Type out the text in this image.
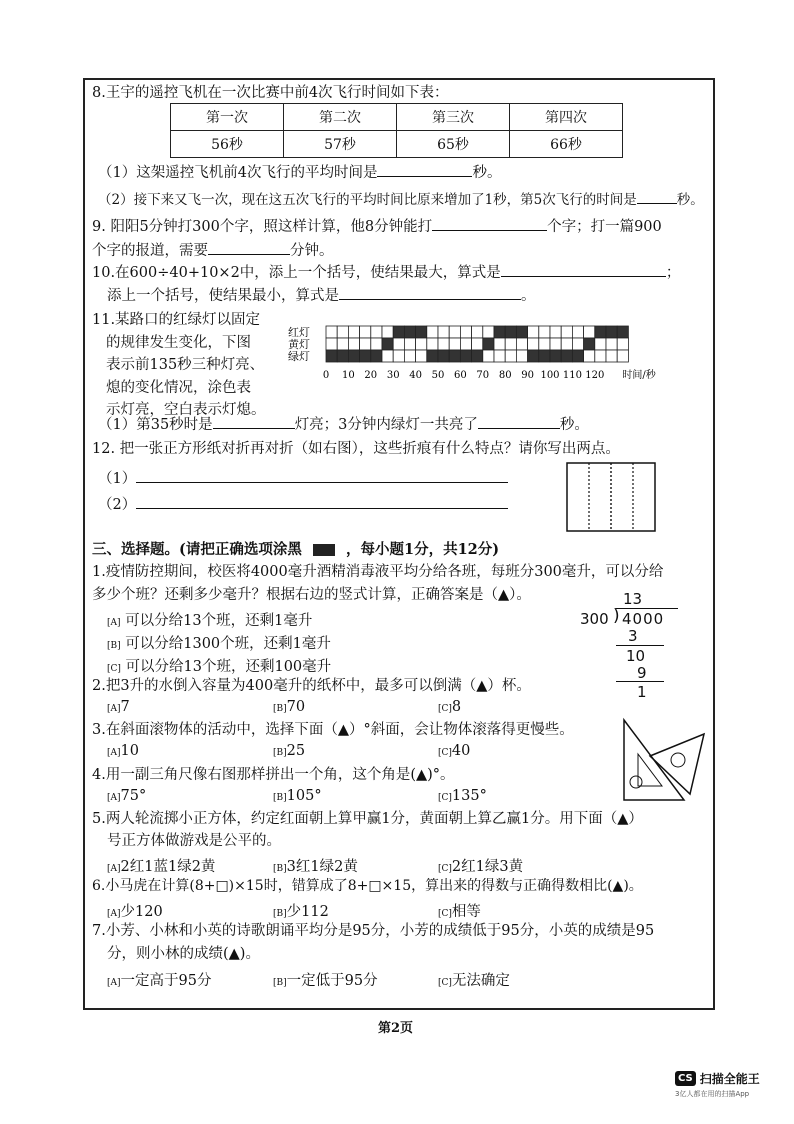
8.王宇的遥控飞机在一次比赛中前4次飞行时间如下表：
第一次	第二次	第三次	第四次
56秒	57秒	65秒	66秒
（1）这架遥控飞机前4次飞行的平均时间是	秒。
（2）接下来又飞一次，现在这五次飞行的平均时间比原来增加了1秒，第5次飞行的时间是	秒。
9. 阳阳5分钟打300个字，照这样计算，他8分钟能打	个字；打一篇900
个字的报道，需要	分钟。
10.在600÷40+10×2中，添上一个括号，使结果最大，算式是	；
添上一个括号，使结果最小，算式是	。
11.某路口的红绿灯以固定
的规律发生变化，下图
表示前135秒三种灯亮、
熄的变化情况，涂色表
示灯亮，空白表示灯熄。
红灯
黄灯
绿灯
0 10 20 30 40 50 60 70 80 90 100 110 120 时间/秒
（1）第35秒时是	灯亮；3分钟内绿灯一共亮了	秒。
12. 把一张正方形纸对折再对折（如右图），这些折痕有什么特点？请你写出两点。
（1）
（2）
三、选择题。(请把正确选项涂黑	，每小题1分，共12分)
1.疫情防控期间，校医将4000毫升酒精消毒液平均分给各班，每班分300毫升，可以分给
多少个班？还剩多少毫升？根据右边的竖式计算，正确答案是（▲）。
[A] 可以分给13个班，还剩1毫升
[B] 可以分给1300个班，还剩1毫升
[C] 可以分给13个班，还剩100毫升
13
300 ) 4000
3
10
9
1
2.把3升的水倒入容量为400毫升的纸杯中，最多可以倒满（▲）杯。
[A]7	[B]70	[C]8
3.在斜面滚物体的活动中，选择下面（▲）°斜面，会让物体滚落得更慢些。
[A]10	[B]25	[C]40
4.用一副三角尺像右图那样拼出一个角，这个角是(▲)°。
[A]75°	[B]105°	[C]135°
5.两人轮流掷小正方体，约定红面朝上算甲赢1分，黄面朝上算乙赢1分。用下面（▲）
号正方体做游戏是公平的。
[A]2红1蓝1绿2黄	[B]3红1绿2黄	[C]2红1绿3黄
6.小马虎在计算(8+□)×15时，错算成了8+□×15，算出来的得数与正确得数相比(▲)。
[A]少120	[B]少112	[C]相等
7.小芳、小林和小英的诗歌朗诵平均分是95分，小芳的成绩低于95分，小英的成绩是95
分，则小林的成绩(▲)。
[A]一定高于95分	[B]一定低于95分	[C]无法确定
第2页
CS 扫描全能王
3亿人都在用的扫描App
